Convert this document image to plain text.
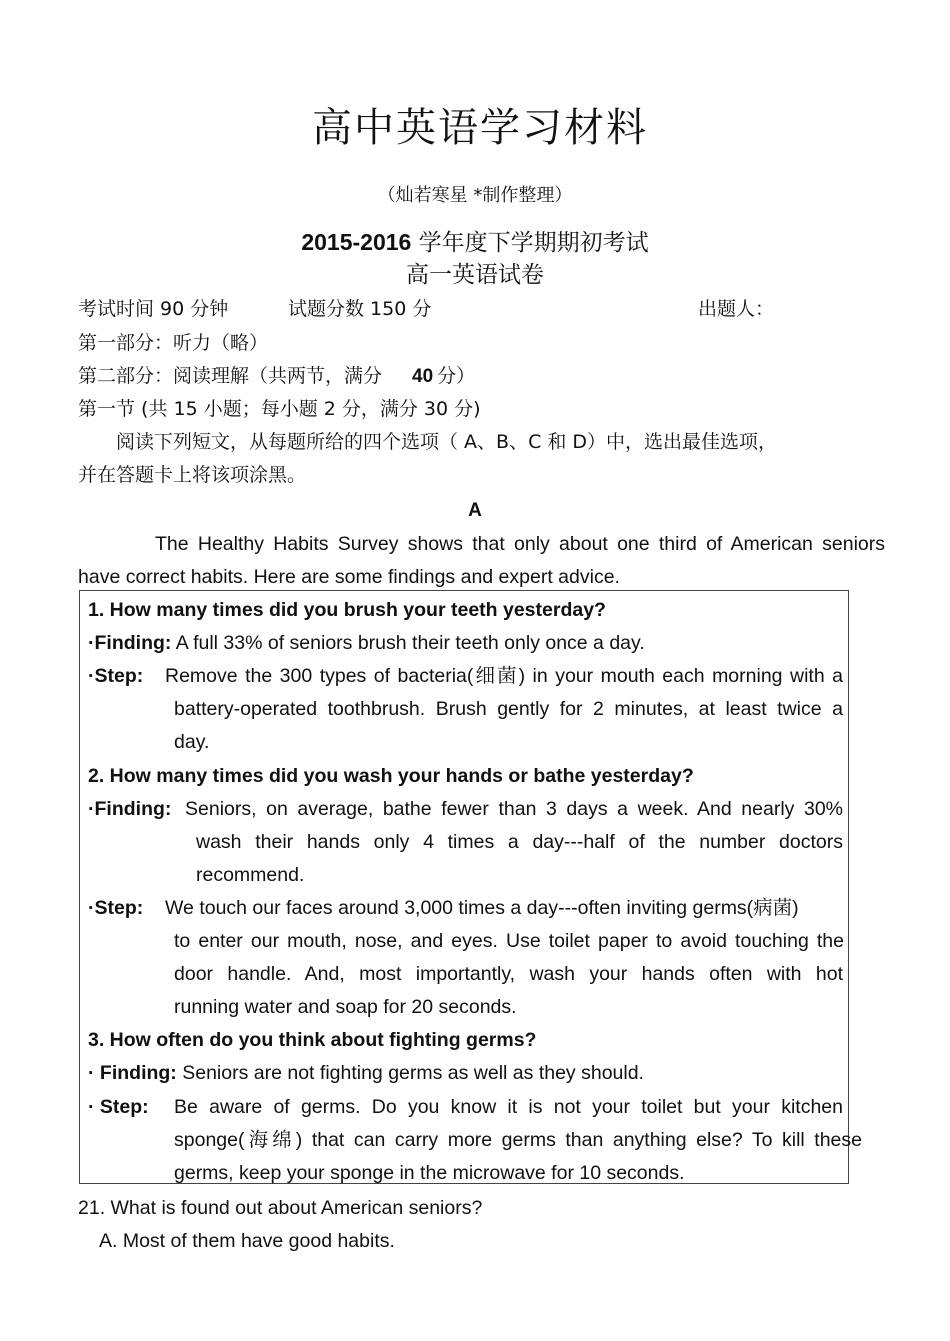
高中英语学习材料
（灿若寒星 *制作整理）
2015-2016 学年度下学期期初考试
高一英语试卷
考试时间 90 分钟	试题分数 150 分	出题人：
第一部分：听力（略）
第二部分：阅读理解（共两节，满分 40 分）
第一节 (共 15 小题；每小题 2 分，满分 30 分)
阅读下列短文，从每题所给的四个选项（ A、B、C 和 D）中，选出最佳选项，
并在答题卡上将该项涂黑。
A
The Healthy Habits Survey shows that only about one third of American seniors
have correct habits. Here are some findings and expert advice.
1. How many times did you brush your teeth yesterday?
·Finding: A full 33% of seniors brush their teeth only once a day.
·Step: Remove the 300 types of bacteria(细菌) in your mouth each morning with a
battery-operated toothbrush. Brush gently for 2 minutes, at least twice a
day.
2. How many times did you wash your hands or bathe yesterday?
·Finding: Seniors, on average, bathe fewer than 3 days a week. And nearly 30%
wash their hands only 4 times a day---half of the number doctors
recommend.
·Step: We touch our faces around 3,000 times a day---often inviting germs(病菌)
to enter our mouth, nose, and eyes. Use toilet paper to avoid touching the
door handle. And, most importantly, wash your hands often with hot
running water and soap for 20 seconds.
3. How often do you think about fighting germs?
· Finding: Seniors are not fighting germs as well as they should.
· Step: Be aware of germs. Do you know it is not your toilet but your kitchen
sponge(海绵) that can carry more germs than anything else? To kill these
germs, keep your sponge in the microwave for 10 seconds.
21. What is found out about American seniors?
A. Most of them have good habits.
